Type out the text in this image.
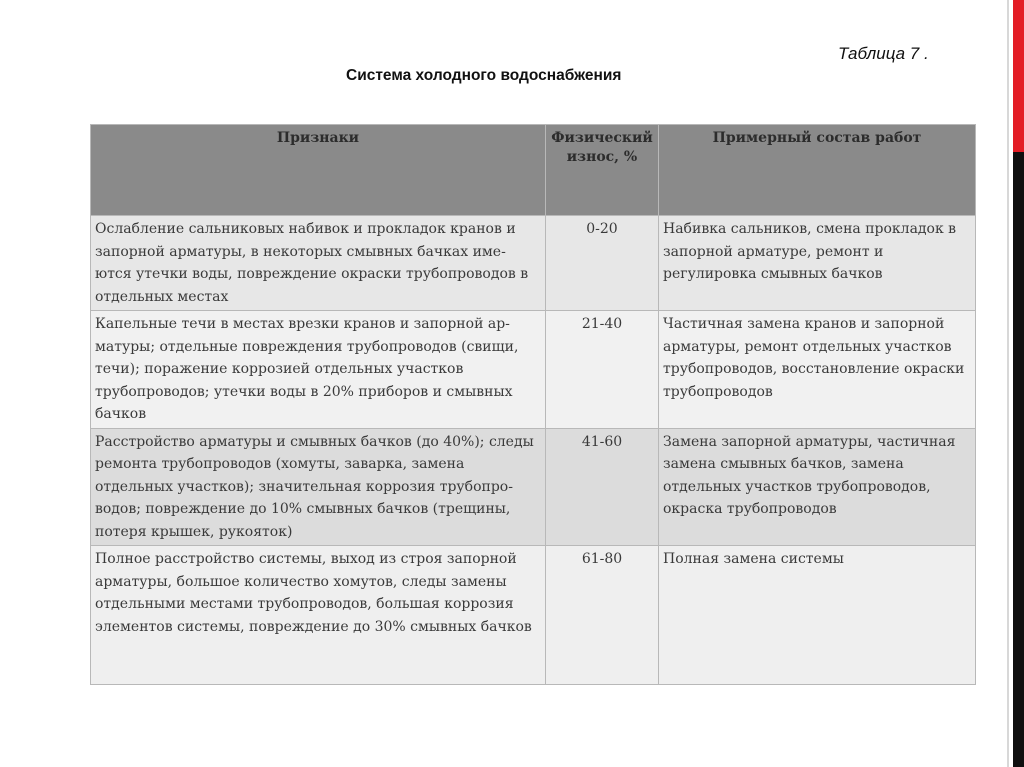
Таблица 7 .
Система холодного водоснабжения
Признаки	Физический износ, %	Примерный состав работ
Ослабление сальниковых набивок и прокладок кранов и запорной арматуры, в некоторых смывных бачках име-ются утечки воды, повреждение окраски трубопроводов в отдельных местах	0-20	Набивка сальников, смена прокладок в запорной арматуре, ремонт и регулировка смывных бачков
Капельные течи в местах врезки кранов и запорной ар-матуры; отдельные повреждения трубопроводов (свищи, течи); поражение коррозией отдельных участков трубопроводов; утечки воды в 20% приборов и смывных бачков	21-40	Частичная замена кранов и запорной арматуры, ремонт отдельных участков трубопроводов, восстановление окраски трубопроводов
Расстройство арматуры и смывных бачков (до 40%); следы ремонта трубопроводов (хомуты, заварка, замена отдельных участков); значительная коррозия трубопро-водов; повреждение до 10% смывных бачков (трещины, потеря крышек, рукояток)	41-60	Замена запорной арматуры, частичная замена смывных бачков, замена отдельных участков трубопроводов, окраска трубопроводов
Полное расстройство системы, выход из строя запорной арматуры, большое количество хомутов, следы замены отдельными местами трубопроводов, большая коррозия элементов системы, повреждение до 30% смывных бачков	61-80	Полная замена системы
